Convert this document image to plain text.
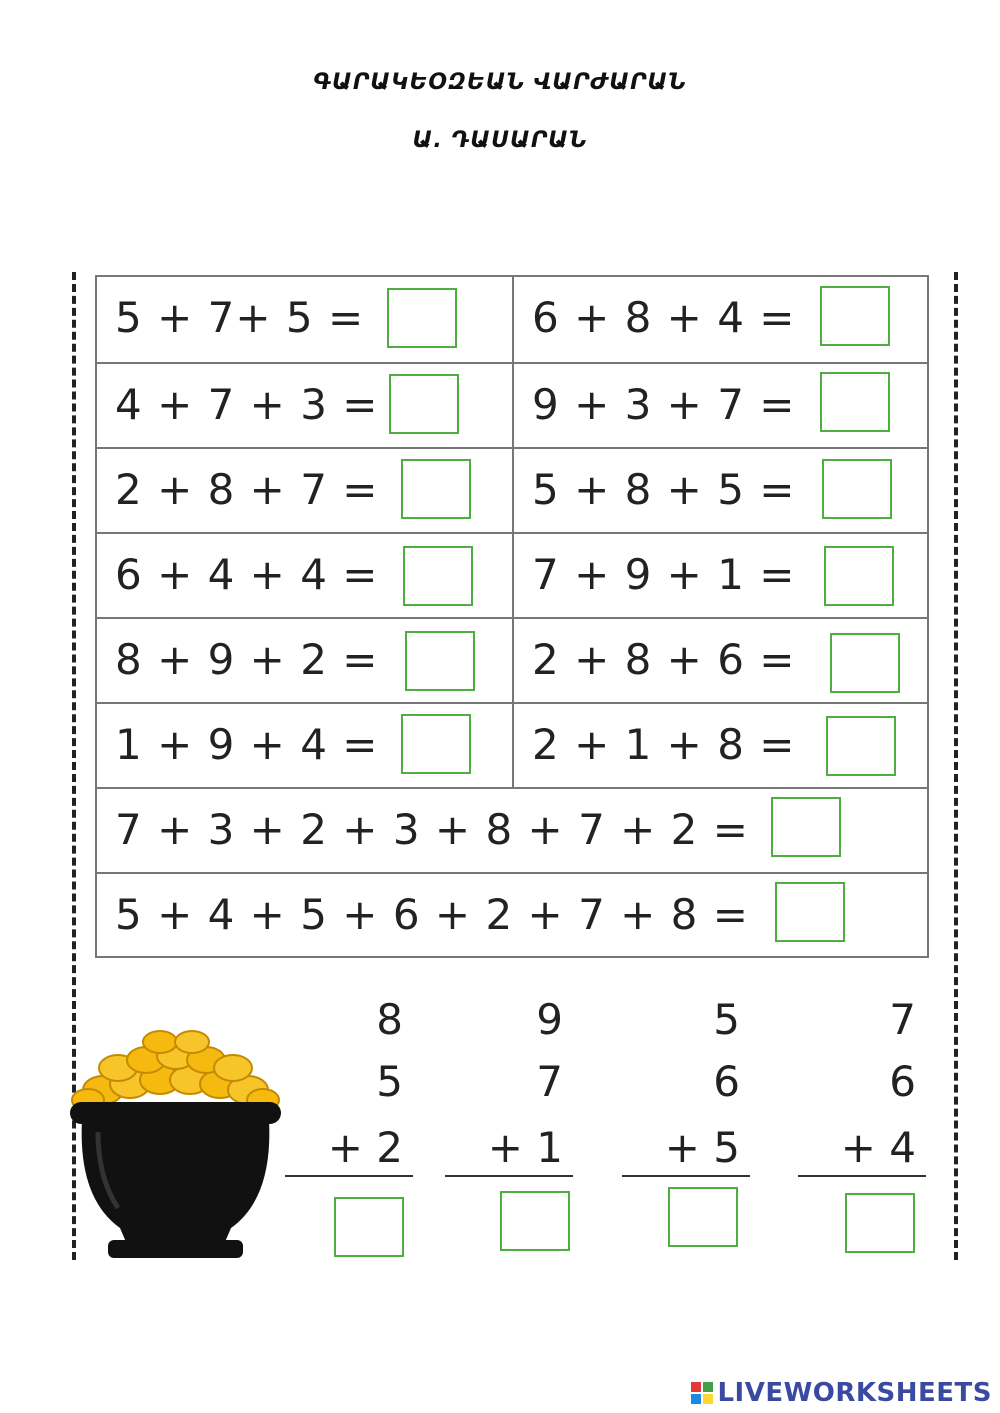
ԳԱՐԱԿԵՕԶԵԱՆ ՎԱՐԺԱՐԱՆ
Ա. ԴԱՍԱՐԱՆ
5 + 7+ 5 =	6 + 8 + 4 =
4 + 7 + 3 =	9 + 3 + 7 =
2 + 8 + 7 =	5 + 8 + 5 =
6 + 4 + 4 =	7 + 9 + 1 =
8 + 9 + 2 =	2 + 8 + 6 =
1 + 9 + 4 =	2 + 1 + 8 =
7 + 3 + 2 + 3 + 8 + 7 + 2 =
5 + 4 + 5 + 6 + 2 + 7 + 8 =
8
5
+ 2
9
7
+ 1
5
6
+ 5
7
6
+ 4
LIVEWORKSHEETS
